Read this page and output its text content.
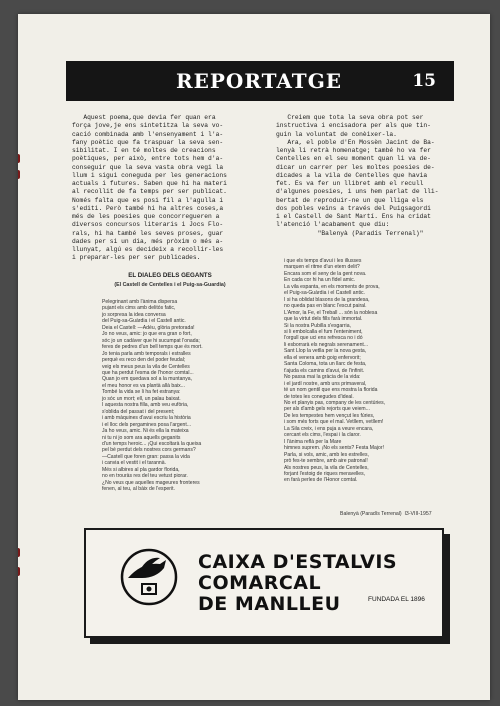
REPORTATGE	15

Aquest poema,que devia fer quan era

força jove,je ens sintetitza la seva vo-

cació combinada amb l'ensenyament i l'a-

fany poètic que fa traspuar la seva sen-

sibilitat. I en té moltes de creacions

poètiques, per això, entre tots hem d'a-

conseguir que la seva vasta obra vegi la

llum i sigui coneguda per les generacions

actuals i futures. Saben que hi ha materi

al recollit de fa temps per ser publicat.

Només falta que es posi fil a l'agulla i

s'editi. Però també hi ha altres coses,a

més de les poesies que concorregueren a

diversos concursos literaris i Jocs Flo-

rals, hi ha també les seves proses, guar

dades per si un dia, més pròxim o més a-

llunyat, algú es decideix a recollir-les

i preparar-les per ser publicades.

Creiem que tota la seva obra pot ser

instructiva i encisadora per als que tin-

guin la voluntat de conèixer-la.

Ara, el poble d'En Mossèn Jacint de Ba-

lenyà li retrà homenatge; també ho va fer

Centelles en el seu moment quan li va de-

dicar un carrer per les moltes poesies de-

dicades a la vila de Centelles que havia

fet. Es va fer un llibret amb el recull

d'algunes poesies, i uns hem parlat de lli-

bertat de reproduir-ne un que lliga els

dos pobles veïns a través del Puigsagordi

i el Castell de Sant Martí. Ens ha cridat

l'atenció l'acabament que diu:

"Balenyà (Paradís Terrenal)"

EL DIALEG DELS GEGANTS
(El Castell de Centelles i el Puig-sa-Guardia)

Pelegrinant amb l'ànima dispersa

pujant els cims amb delitós fatic,

jo sorpresa la idea conversa

del Puig-sa-Guàrdia i el Castell antic.

Deia el Castell: —Adéu, glòria pretorada!

Jo no veus, amic: jo que era gran o fort,

sóc jo un cadàver que hi sucumpat l'onada;

feres de pedres d'un bell temps que és mort.

Jo tenia parla amb temporals i estralles

perquè es reco den del poder feudal;

veig els meus peus la vila de Centelles

que ha perdut l'esma de l'honor comtal...

Quan jo em quedava sol a la muntanya,

el meu honor es va plantà allà baix...

Tombé la vida se li ha fet estranya:

jo sóc un mort; ell, un palau baixat.

I aquesta nostra filla, amb veu eufòria,

s'oblida del passat i del present;

i amb màquines d'avui escriu la història

i el lloc dels pergamines posa l'argent...

Ja ho veus, amic. Ni és ella la mateixa

ni tu ni jo som ara aquells geganits

d'un temps heroic... ¡Qui escoltarà la queixa

pel bé perdut dels nostres cors germans?

—Castell que foren gran: passa la vida

i canvia el vestit i el tarannà.

Més si albires al pla gardor florida,

no en trouràs res del teu vetust piorar.

¿No veus que aquelles mageures fronteres

fenen, al teu, al bàix de l'esperit.

i que els temps d'avui i les illusses

marquen el ritme d'un etern delit?

Encara som el seny de la gent nova.

En cada cor hi ha un fidel amic.

La vila espanta, en els moments de prova,

el Puig-sa-Guàrdia i el Castell antic.

I si ha oblidat blasons de la grandesa,

no queda pas en blanc l'escut pairal.

L'Amor, la Fe, el Treball ... són la noblesa

que la virtut dels fills farà immortal.

Si la nostra Pubilla s'esgarria,

si li embolcalla el fum l'enteniment,

l'orgull que uci ens refresca no i dó

li esborrarà els negrals serenament...

Sant Llop la vetlla per la nova gesta,

ella el venera amb goig enfervorit;

Santa Coloma, tota un llarc de festa,

t'ajuda els camins d'avui, de l'infinit.

No passa mai la gràcia de la vida:

i el jardí nostre, amb uns primaveral,

té un nom gentil que ens mostra la florida

de totes les conegudes d'ideal.

No et planyis pas, company de les centúries,

per als d'amb gels rejorts que veiem...

De les tempestes hem vençut les fúries,

i som més forts que el mal. Vetllem, vetllem!

La Sila creix, i ens puja a veure encara,

cercant els cims, l'espai i la claror.

I l'ànima reflà per la Mare

himnes suprem. ¡No els sents? Festa Major!

Parla, si vols, amic, amb les estrelles,

prò fes-te sembre, amb aire patronal!

Als nostres peus, la vila de Centelles,

forjant l'estoig de riques meravelles,

en farà perles de l'Honor comtal.

Balenyà (Paradís Terrenal)  I3-VIII-1957
CAIXA D'ESTALVIS
COMARCAL
DE MANLLEU	FUNDADA EL 1896
